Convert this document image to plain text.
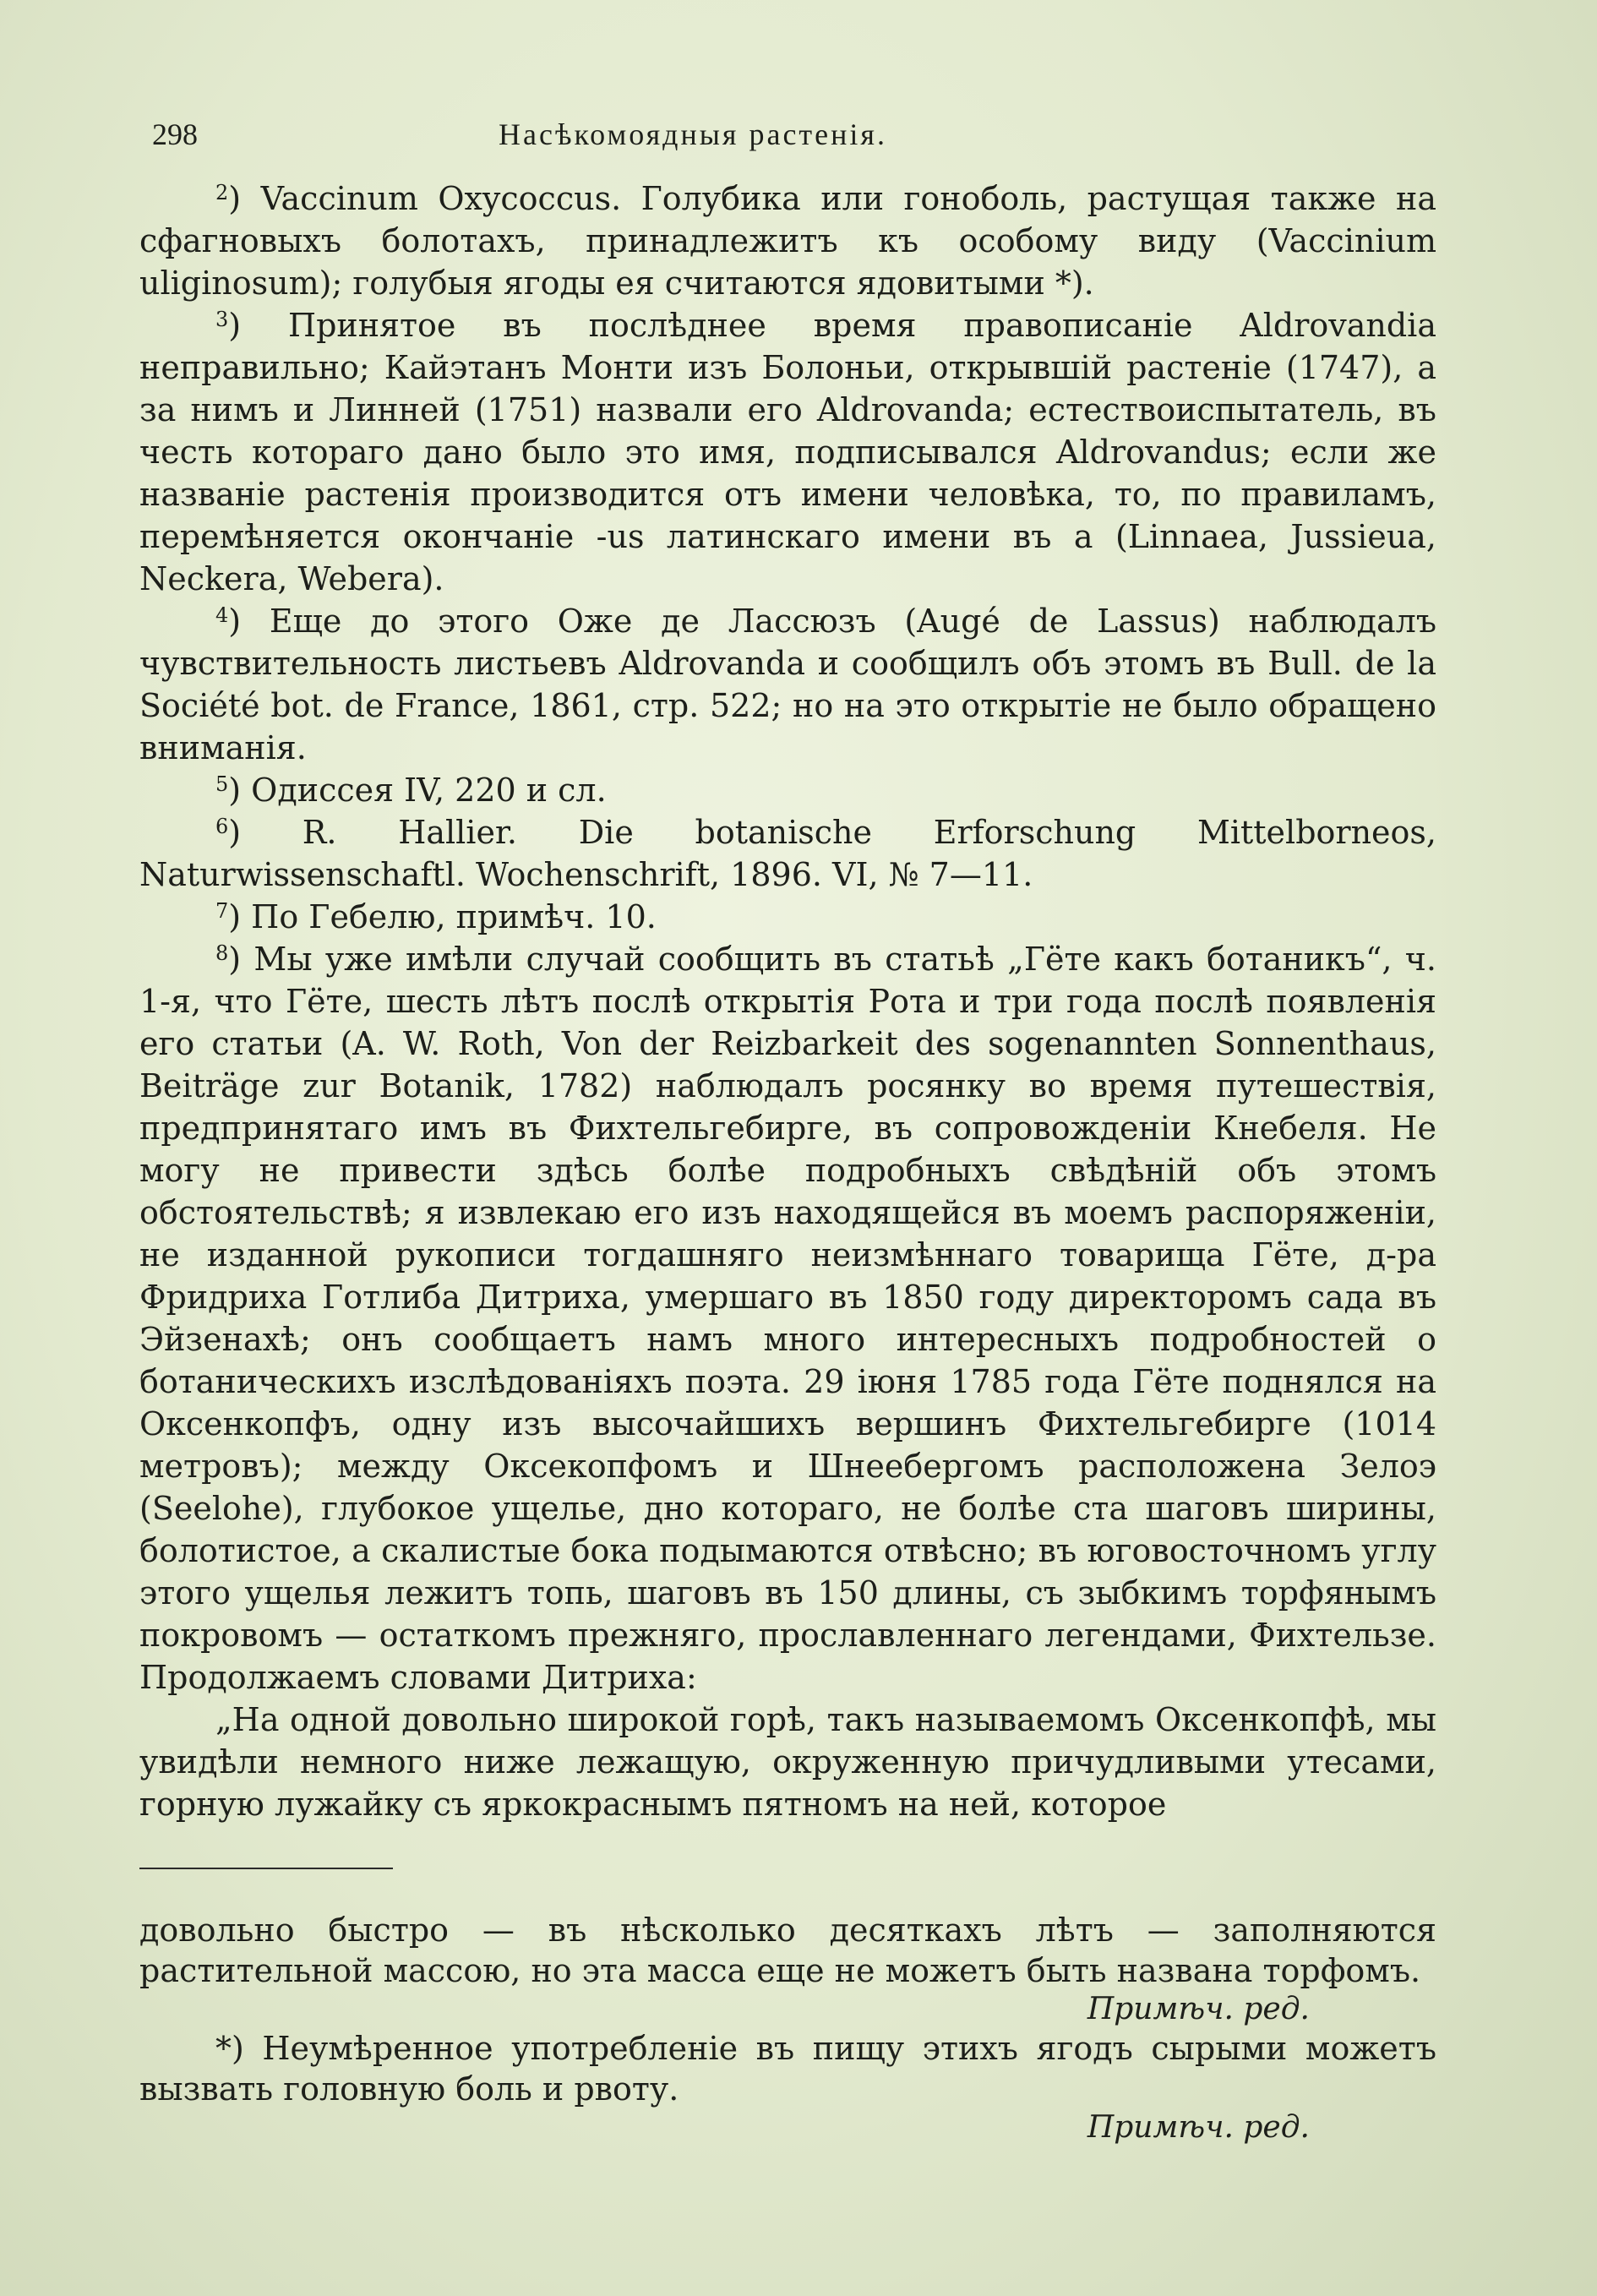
298	Насѣкомоядныя растенія.

$^2$) Vaccinum Oxycoccus. Голубика или гоноболь, растущая также на сфагновыхъ болотахъ, принадлежитъ къ особому виду (Vaccinium uliginosum); голубыя ягоды ея считаются ядовитыми *).

$^3$) Принятое въ послѣднее время правописаніе Aldrovandia неправильно; Кайэтанъ Монти изъ Болоньи, открывшій растеніе (1747), а за нимъ и Линней (1751) назвали его Aldrovanda; естествоиспытатель, въ честь котораго дано было это имя, подписывался Aldrovandus; если же названіе растенія производится отъ имени человѣка, то, по правиламъ, перемѣняется окончаніе -us латинскаго имени въ a (Linnaea, Jussieua, Neckera, Webera).

$^4$) Еще до этого Оже де Лассюзъ (Augé de Lassus) наблюдалъ чувствительность листьевъ Aldrovanda и сообщилъ объ этомъ въ Bull. de la Société bot. de France, 1861, стр. 522; но на это открытіе не было обращено вниманія.

$^5$) Одиссея IV, 220 и сл.

$^6$) R. Hallier. Die botanische Erforschung Mittelborneos, Naturwissenschaftl. Wochenschrift, 1896. VI, № 7—11.

$^7$) По Гебелю, примѣч. 10.

$^8$) Мы уже имѣли случай сообщить въ статьѣ „Гёте какъ ботаникъ“, ч. 1-я, что Гёте, шесть лѣтъ послѣ открытія Рота и три года послѣ появленія его статьи (A. W. Roth, Von der Reizbarkeit des sogenannten Sonnenthaus, Beiträge zur Botanik, 1782) наблюдалъ росянку во время путешествія, предпринятаго имъ въ Фихтельгебирге, въ сопровожденіи Кнебеля. Не могу не привести здѣсь болѣе подробныхъ свѣдѣній объ этомъ обстоятельствѣ; я извлекаю его изъ находящейся въ моемъ распоряженіи, не изданной рукописи тогдашняго неизмѣннаго товарища Гёте, д-ра Фридриха Готлиба Дитриха, умершаго въ 1850 году директоромъ сада въ Эйзенахѣ; онъ сообщаетъ намъ много интересныхъ подробностей о ботаническихъ изслѣдованіяхъ поэта. 29 іюня 1785 года Гёте поднялся на Оксенкопфъ, одну изъ высочайшихъ вершинъ Фихтельгебирге (1014 метровъ); между Оксекопфомъ и Шнеебергомъ расположена Зелоэ (Seelohe), глубокое ущелье, дно котораго, не болѣе ста шаговъ ширины, болотистое, а скалистые бока подымаются отвѣсно; въ юговосточномъ углу этого ущелья лежитъ топь, шаговъ въ 150 длины, съ зыбкимъ торфянымъ покровомъ — остаткомъ прежняго, прославленнаго легендами, Фихтельзе. Продолжаемъ словами Дитриха:

„На одной довольно широкой горѣ, такъ называемомъ Оксенкопфѣ, мы увидѣли немного ниже лежащую, окруженную причудливыми утесами, горную лужайку съ яркокраснымъ пятномъ на ней, которое

довольно быстро — въ нѣсколько десяткахъ лѣтъ — заполняются растительной массою, но эта масса еще не можетъ быть названа торфомъ.

Примѣч. ред.

*) Неумѣренное употребленіе въ пищу этихъ ягодъ сырыми можетъ вызвать головную боль и рвоту.

Примѣч. ред.
